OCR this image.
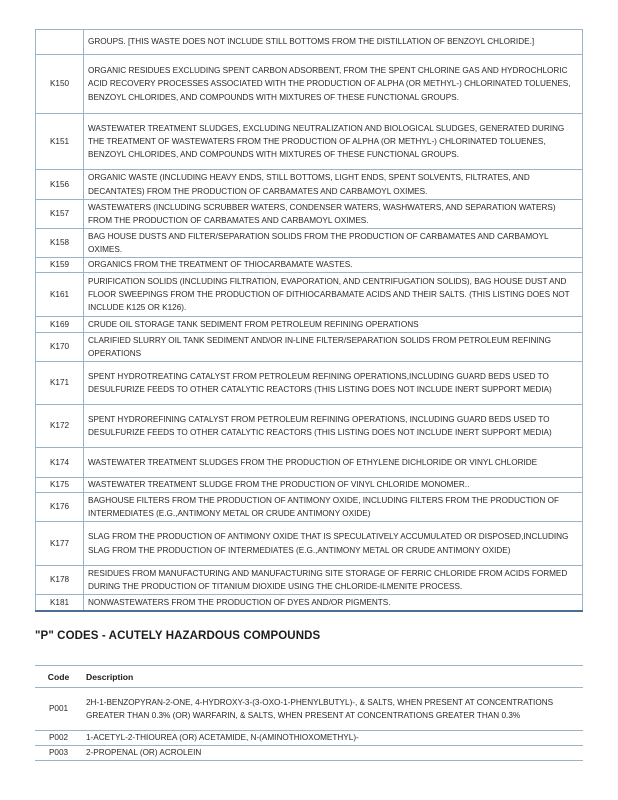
	GROUPS. [THIS WASTE DOES NOT INCLUDE STILL BOTTOMS FROM THE DISTILLATION OF BENZOYL CHLORIDE.]
K150	ORGANIC RESIDUES EXCLUDING SPENT CARBON ADSORBENT, FROM THE SPENT CHLORINE GAS AND HYDROCHLORIC ACID RECOVERY PROCESSES ASSOCIATED WITH THE PRODUCTION OF ALPHA (OR METHYL-) CHLORINATED TOLUENES, BENZOYL CHLORIDES, AND COMPOUNDS WITH MIXTURES OF THESE FUNCTIONAL GROUPS.
K151	WASTEWATER TREATMENT SLUDGES, EXCLUDING NEUTRALIZATION AND BIOLOGICAL SLUDGES, GENERATED DURING THE TREATMENT OF WASTEWATERS FROM THE PRODUCTION OF ALPHA (OR METHYL-) CHLORINATED TOLUENES, BENZOYL CHLORIDES, AND COMPOUNDS WITH MIXTURES OF THESE FUNCTIONAL GROUPS.
K156	ORGANIC WASTE (INCLUDING HEAVY ENDS, STILL BOTTOMS, LIGHT ENDS, SPENT SOLVENTS, FILTRATES, AND DECANTATES) FROM THE PRODUCTION OF CARBAMATES AND CARBAMOYL OXIMES.
K157	WASTEWATERS (INCLUDING SCRUBBER WATERS, CONDENSER WATERS, WASHWATERS, AND SEPARATION WATERS) FROM THE PRODUCTION OF CARBAMATES AND CARBAMOYL OXIMES.
K158	BAG HOUSE DUSTS AND FILTER/SEPARATION SOLIDS FROM THE PRODUCTION OF CARBAMATES AND CARBAMOYL OXIMES.
K159	ORGANICS FROM THE TREATMENT OF THIOCARBAMATE WASTES.
K161	PURIFICATION SOLIDS (INCLUDING FILTRATION, EVAPORATION, AND CENTRIFUGATION SOLIDS), BAG HOUSE DUST AND FLOOR SWEEPINGS FROM THE PRODUCTION OF DITHIOCARBAMATE ACIDS AND THEIR SALTS. (THIS LISTING DOES NOT INCLUDE K125 OR K126).
K169	CRUDE OIL STORAGE TANK SEDIMENT FROM PETROLEUM REFINING OPERATIONS
K170	CLARIFIED SLURRY OIL TANK SEDIMENT AND/OR IN-LINE FILTER/SEPARATION SOLIDS FROM PETROLEUM REFINING OPERATIONS
K171	SPENT HYDROTREATING CATALYST FROM PETROLEUM REFINING OPERATIONS,INCLUDING GUARD BEDS USED TO DESULFURIZE FEEDS TO OTHER CATALYTIC REACTORS (THIS LISTING DOES NOT INCLUDE INERT SUPPORT MEDIA)
K172	SPENT HYDROREFINING CATALYST FROM PETROLEUM REFINING OPERATIONS, INCLUDING GUARD BEDS USED TO DESULFURIZE FEEDS TO OTHER CATALYTIC REACTORS (THIS LISTING DOES NOT INCLUDE INERT SUPPORT MEDIA)
K174	WASTEWATER TREATMENT SLUDGES FROM THE PRODUCTION OF ETHYLENE DICHLORIDE OR VINYL CHLORIDE
K175	WASTEWATER TREATMENT SLUDGE FROM THE PRODUCTION OF VINYL CHLORIDE MONOMER..
K176	BAGHOUSE FILTERS FROM THE PRODUCTION OF ANTIMONY OXIDE, INCLUDING FILTERS FROM THE PRODUCTION OF INTERMEDIATES (E.G.,ANTIMONY METAL OR CRUDE ANTIMONY OXIDE)
K177	SLAG FROM THE PRODUCTION OF ANTIMONY OXIDE THAT IS SPECULATIVELY ACCUMULATED OR DISPOSED,INCLUDING SLAG FROM THE PRODUCTION OF INTERMEDIATES (E.G.,ANTIMONY METAL OR CRUDE ANTIMONY OXIDE)
K178	RESIDUES FROM MANUFACTURING AND MANUFACTURING SITE STORAGE OF FERRIC CHLORIDE FROM ACIDS FORMED DURING THE PRODUCTION OF TITANIUM DIOXIDE USING THE CHLORIDE-ILMENITE PROCESS.
K181	NONWASTEWATERS FROM THE PRODUCTION OF DYES AND/OR PIGMENTS.
"P" CODES - ACUTELY HAZARDOUS COMPOUNDS
Code	Description
P001	2H-1-BENZOPYRAN-2-ONE, 4-HYDROXY-3-(3-OXO-1-PHENYLBUTYL)-, & SALTS, WHEN PRESENT AT CONCENTRATIONS GREATER THAN 0.3% (OR) WARFARIN, & SALTS, WHEN PRESENT AT CONCENTRATIONS GREATER THAN 0.3%
P002	1-ACETYL-2-THIOUREA (OR) ACETAMIDE, N-(AMINOTHIOXOMETHYL)-
P003	2-PROPENAL (OR) ACROLEIN
